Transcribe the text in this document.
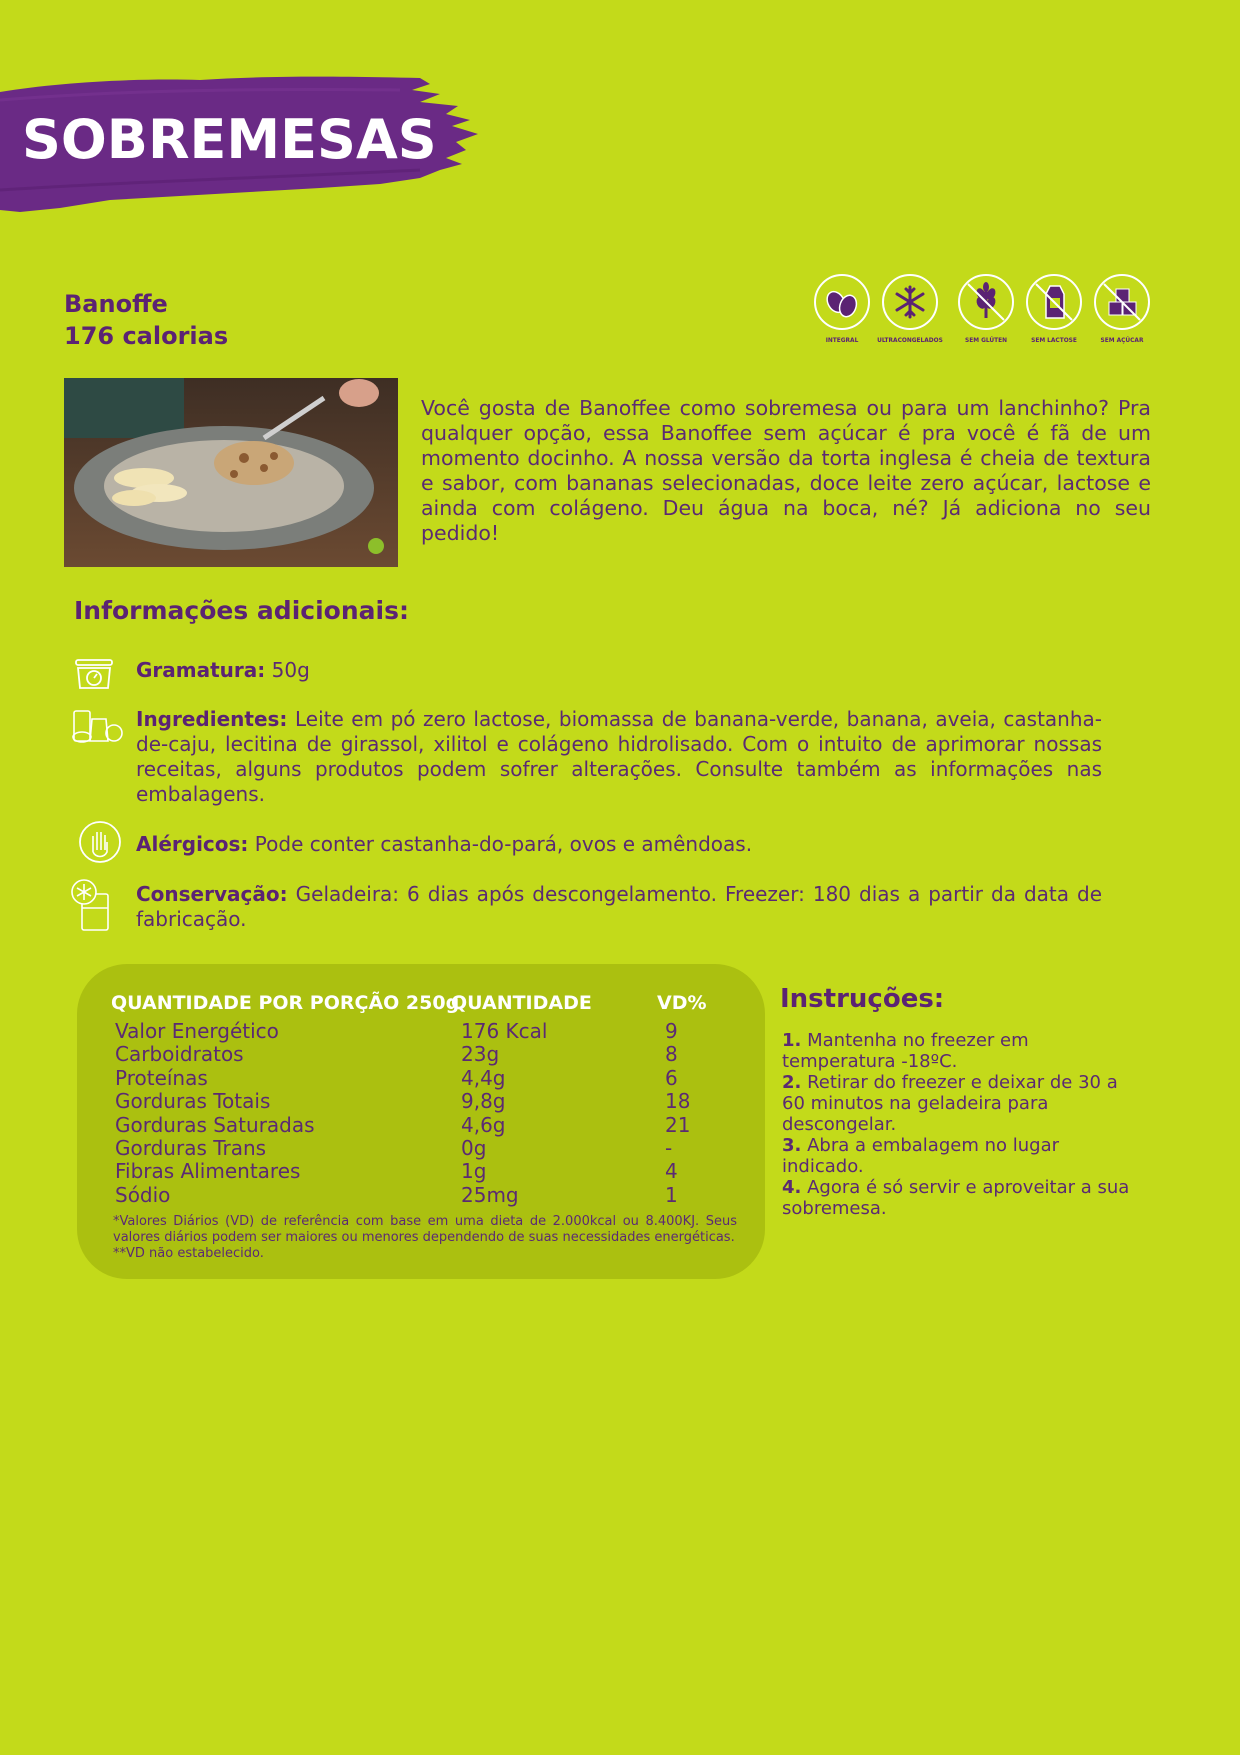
SOBREMESAS
Banoffe
176 calorias	INTEGRAL	ULTRACONGELADOS	SEM GLÚTEN	SEM LACTOSE	SEM AÇÚCAR
Você gosta de Banoffee como sobremesa ou para um lanchinho? Pra qualquer opção, essa Banoffee sem açúcar é pra você é fã de um momento docinho. A nossa versão da torta inglesa é cheia de textura e sabor, com bananas selecionadas, doce leite zero açúcar, lactose e ainda com colágeno. Deu água na boca, né? Já adiciona no seu pedido!
Informações adicionais:
Gramatura: 50g
Ingredientes: Leite em pó zero lactose, biomassa de banana-verde, banana, aveia, castanha-de-caju, lecitina de girassol, xilitol e colágeno hidrolisado. Com o intuito de aprimorar nossas receitas, alguns produtos podem sofrer alterações. Consulte também as informações nas embalagens.
Alérgicos: Pode conter castanha-do-pará, ovos e amêndoas.
Conservação: Geladeira: 6 dias após descongelamento. Freezer: 180 dias a partir da data de fabricação.
QUANTIDADE POR PORÇÃO 250g
QUANTIDADE	VD%
Valor Energético	176 Kcal	9
Carboidratos	23g	8
Proteínas	4,4g	6
Gorduras Totais	9,8g	18
Gorduras Saturadas	4,6g	21
Gorduras Trans	0g	-
Fibras Alimentares	1g	4
Sódio	25mg	1
*Valores Diários (VD) de referência com base em uma dieta de 2.000kcal ou 8.400KJ. Seus valores diários podem ser maiores ou menores dependendo de suas necessidades energéticas.
**VD não estabelecido.
Instruções:

1. Mantenha no freezer em temperatura -18ºC.

2. Retirar do freezer e deixar de 30 a 60 minutos na geladeira para descongelar.

3. Abra a embalagem no lugar indicado.

4. Agora é só servir e aproveitar a sua sobremesa.
